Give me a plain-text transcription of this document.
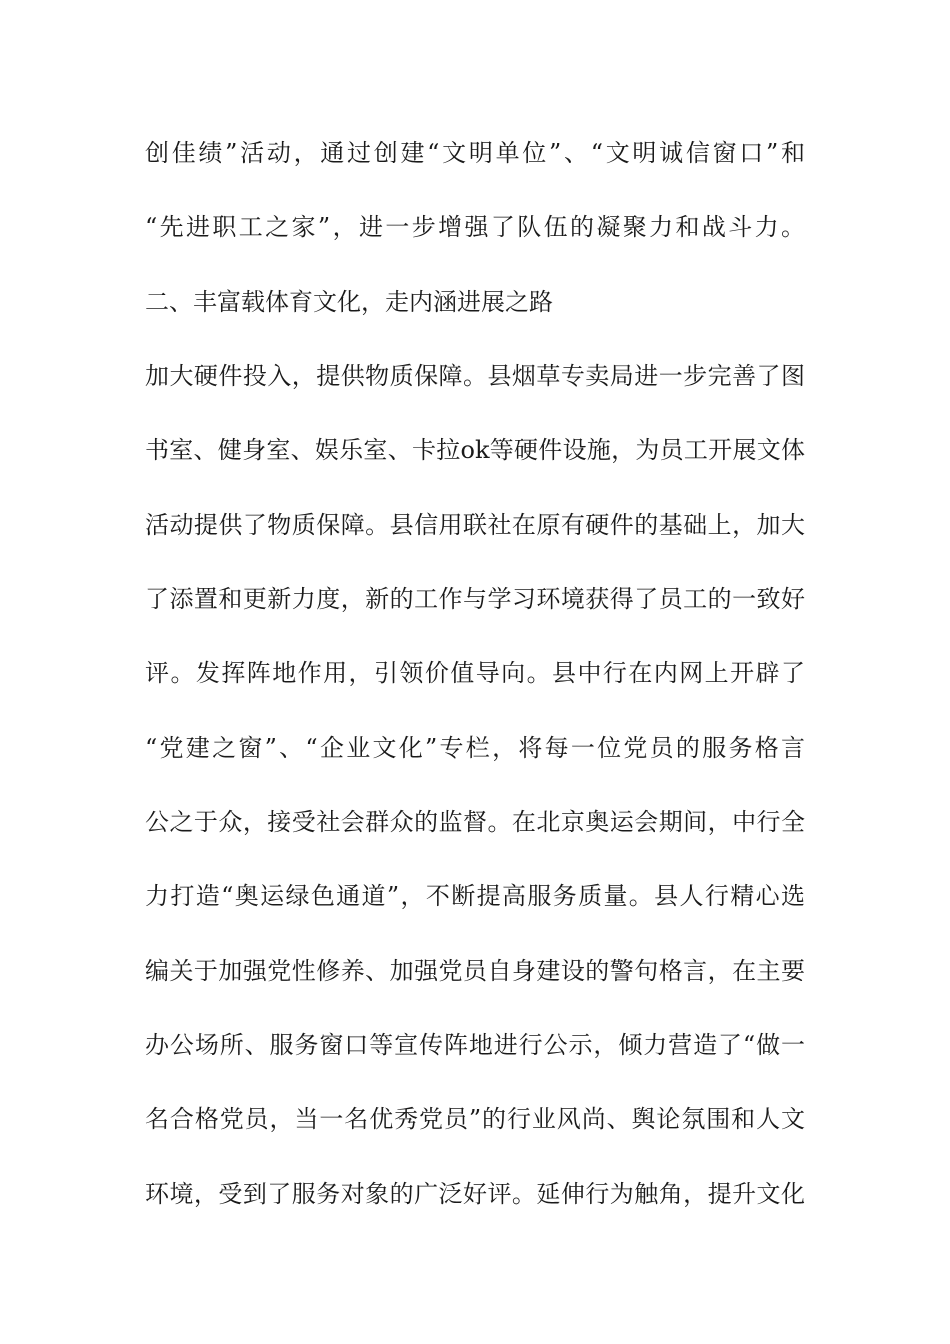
创佳绩”活动，通过创建“文明单位”、“文明诚信窗口”和
“先进职工之家”，进一步增强了队伍的凝聚力和战斗力。
二、丰富载体育文化，走内涵进展之路
加大硬件投入，提供物质保障。县烟草专卖局进一步完善了图
书室、健身室、娱乐室、卡拉ok等硬件设施，为员工开展文体
活动提供了物质保障。县信用联社在原有硬件的基础上，加大
了添置和更新力度，新的工作与学习环境获得了员工的一致好
评。发挥阵地作用，引领价值导向。县中行在内网上开辟了
“党建之窗”、“企业文化”专栏，将每一位党员的服务格言
公之于众，接受社会群众的监督。在北京奥运会期间，中行全
力打造“奥运绿色通道”，不断提高服务质量。县人行精心选
编关于加强党性修养、加强党员自身建设的警句格言，在主要
办公场所、服务窗口等宣传阵地进行公示，倾力营造了“做一
名合格党员，当一名优秀党员”的行业风尚、舆论氛围和人文
环境，受到了服务对象的广泛好评。延伸行为触角，提升文化
